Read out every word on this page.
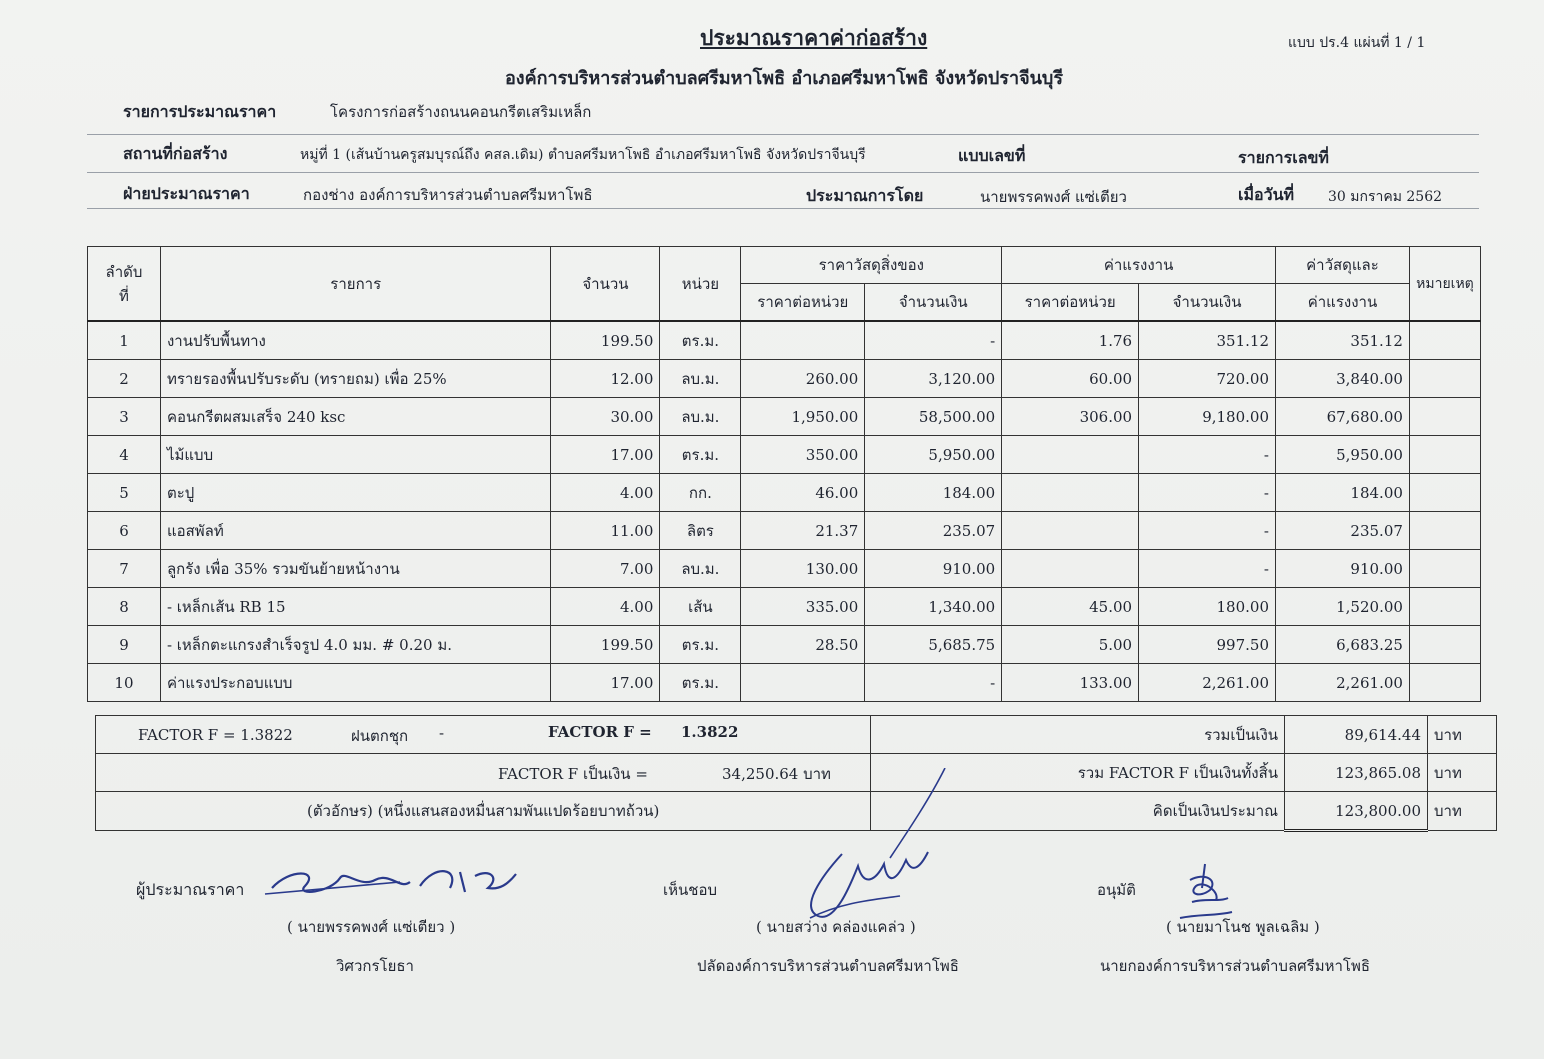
ประมาณราคาค่าก่อสร้าง	แบบ ปร.4 แผ่นที่ 1 / 1
องค์การบริหารส่วนตำบลศรีมหาโพธิ อำเภอศรีมหาโพธิ จังหวัดปราจีนบุรี
รายการประมาณราคา	โครงการก่อสร้างถนนคอนกรีตเสริมเหล็ก
สถานที่ก่อสร้าง	หมู่ที่ 1 (เส้นบ้านครูสมบุรณ์ถึง คสล.เดิม) ตำบลศรีมหาโพธิ อำเภอศรีมหาโพธิ จังหวัดปราจีนบุรี	แบบเลขที่	รายการเลขที่
ฝ่ายประมาณราคา	กองช่าง องค์การบริหารส่วนตำบลศรีมหาโพธิ	ประมาณการโดย	นายพรรคพงศ์ แซ่เตียว	เมื่อวันที่ 30 มกราคม 2562
ลำดับ
ที่	รายการ	จำนวน	หน่วย	ราคาวัสดุสิ่งของ		ค่าแรงงาน		ค่าวัสดุและ	หมายเหตุ
				ราคาต่อหน่วย	จำนวนเงิน	ราคาต่อหน่วย	จำนวนเงิน	ค่าแรงงาน	
1	งานปรับพื้นทาง	199.50	ตร.ม.		-	1.76	351.12	351.12	
2	ทรายรองพื้นปรับระดับ (ทรายถม) เพื่อ 25%	12.00	ลบ.ม.	260.00	3,120.00	60.00	720.00	3,840.00	
3	คอนกรีตผสมเสร็จ 240 ksc	30.00	ลบ.ม.	1,950.00	58,500.00	306.00	9,180.00	67,680.00	
4	ไม้แบบ	17.00	ตร.ม.	350.00	5,950.00		-	5,950.00	
5	ตะปู	4.00	กก.	46.00	184.00		-	184.00	
6	แอสพัลท์	11.00	ลิตร	21.37	235.07		-	235.07	
7	ลูกรัง เพื่อ 35% รวมขันย้ายหน้างาน	7.00	ลบ.ม.	130.00	910.00		-	910.00	
8	- เหล็กเส้น RB 15	4.00	เส้น	335.00	1,340.00	45.00	180.00	1,520.00	
9	- เหล็กตะแกรงสำเร็จรูป 4.0 มม. # 0.20 ม.	199.50	ตร.ม.	28.50	5,685.75	5.00	997.50	6,683.25	
10	ค่าแรงประกอบแบบ	17.00	ตร.ม.		-	133.00	2,261.00	2,261.00	
FACTOR F = 1.3822 ฝนตกชุก - FACTOR F = 1.3822	รวมเป็นเงิน	89,614.44	บาท

FACTOR F เป็นเงิน = 34,250.64 บาท	รวม FACTOR F เป็นเงินทั้งสิ้น	123,865.08	บาท
(ตัวอักษร) (หนึ่งแสนสองหมื่นสามพันแปดร้อยบาทถ้วน)	คิดเป็นเงินประมาณ	123,800.00	บาท
ผู้ประมาณราคา
( นายพรรคพงศ์ แซ่เตียว )
วิศวกรโยธา
เห็นชอบ
( นายสว่าง คล่องแคล่ว )
ปลัดองค์การบริหารส่วนตำบลศรีมหาโพธิ
อนุมัติ
( นายมาโนช พูลเฉลิม )
นายกองค์การบริหารส่วนตำบลศรีมหาโพธิ
